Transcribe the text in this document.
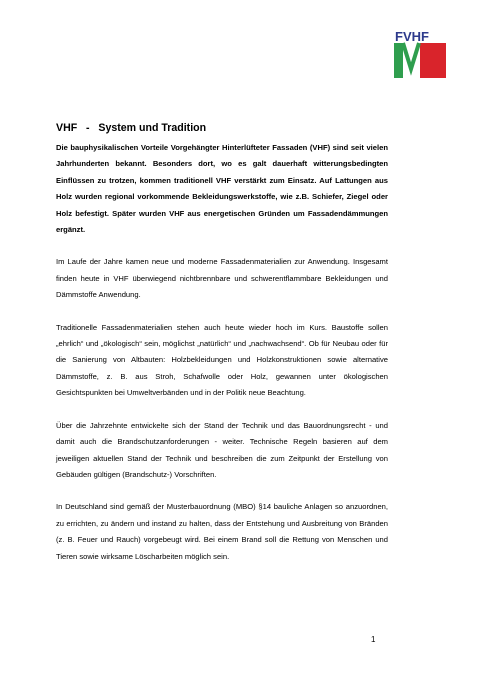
FVHF
VHF   -   System und Tradition

Die bauphysikalischen Vorteile Vorgehängter Hinterlüfteter Fassaden (VHF) sind seit vielen Jahrhunderten bekannt. Besonders dort, wo es galt dauerhaft witterungsbedingten Einflüssen zu trotzen, kommen traditionell VHF verstärkt zum Einsatz. Auf Lattungen aus Holz wurden regional vorkommende Bekleidungswerkstoffe, wie z.B. Schiefer, Ziegel oder Holz befestigt. Später wurden VHF aus energetischen Gründen um Fassadendämmungen ergänzt.

Im Laufe der Jahre kamen neue und moderne Fassadenmaterialien zur Anwendung. Insgesamt finden heute in VHF überwiegend nichtbrennbare und schwerentflammbare Bekleidungen und Dämmstoffe Anwendung.

Traditionelle Fassadenmaterialien stehen auch heute wieder hoch im Kurs. Baustoffe sollen „ehrlich“ und „ökologisch“ sein, möglichst „natürlich“ und „nachwachsend“. Ob für Neubau oder für die Sanierung von Altbauten: Holzbekleidungen und Holzkonstruktionen sowie alternative Dämmstoffe, z. B. aus Stroh, Schafwolle oder Holz, gewannen unter ökologischen Gesichtspunkten bei Umweltverbänden und in der Politik neue Beachtung.

Über die Jahrzehnte entwickelte sich der Stand der Technik und das Bauordnungsrecht - und damit auch die Brandschutzanforderungen - weiter. Technische Regeln basieren auf dem jeweiligen aktuellen Stand der Technik und beschreiben die zum Zeitpunkt der Erstellung von Gebäuden gültigen (Brandschutz-) Vorschriften.

In Deutschland sind gemäß der Musterbauordnung (MBO) §14 bauliche Anlagen so anzuordnen, zu errichten, zu ändern und instand zu halten, dass der Entstehung und Ausbreitung von Bränden (z. B. Feuer und Rauch) vorgebeugt wird. Bei einem Brand soll die Rettung von Menschen und Tieren sowie wirksame Löscharbeiten möglich sein.

1
